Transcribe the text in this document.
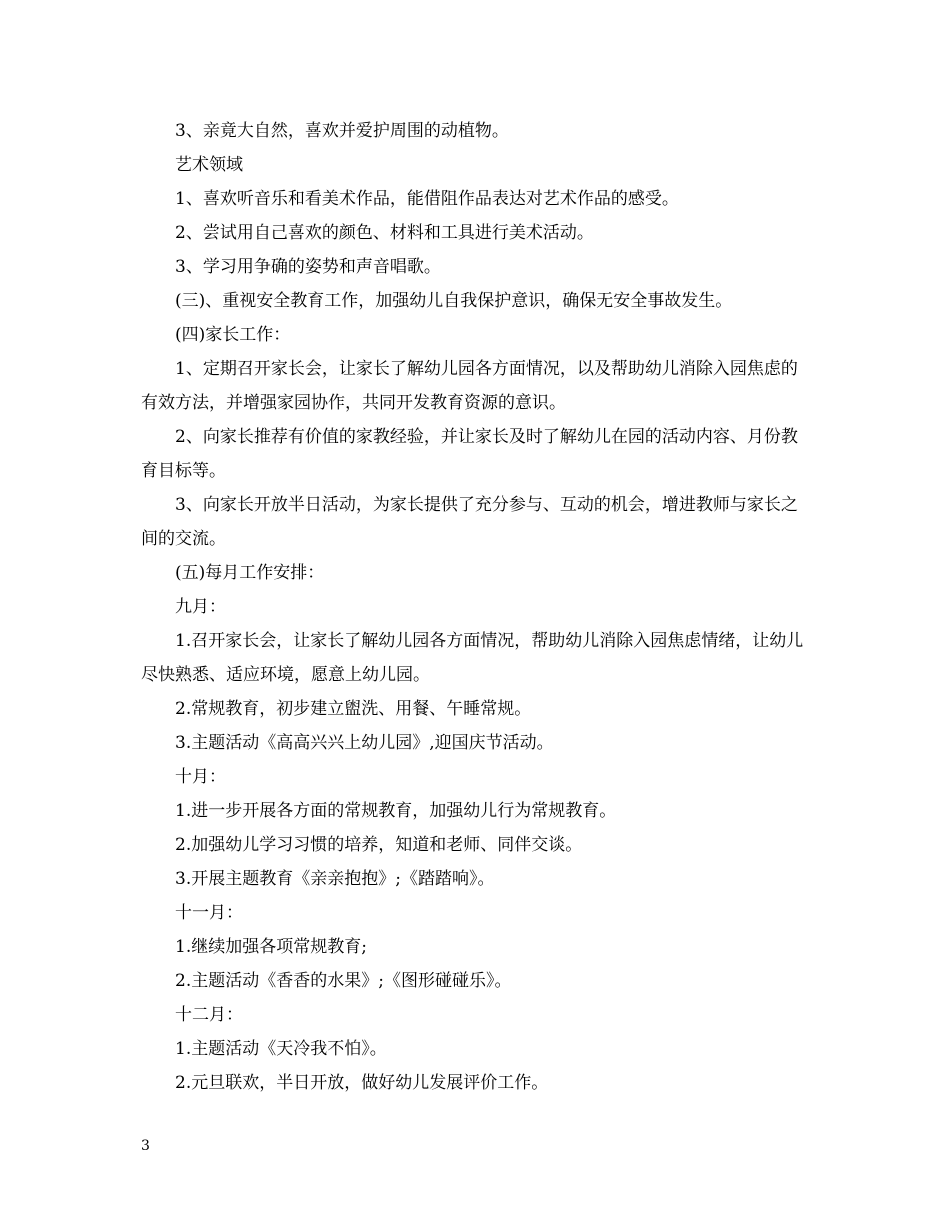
3、亲竟大自然，喜欢并爱护周围的动植物。

艺术领域

1、喜欢听音乐和看美术作品，能借阻作品表达对艺术作品的感受。

2、尝试用自己喜欢的颜色、材料和工具进行美术活动。

3、学习用争确的姿势和声音唱歌。

(三)、重视安全教育工作，加强幼儿自我保护意识，确保无安全事故发生。

(四)家长工作：

1、定期召开家长会，让家长了解幼儿园各方面情况，以及帮助幼儿消除入园焦虑的有效方法，并增强家园协作，共同开发教育资源的意识。

2、向家长推荐有价值的家教经验，并让家长及时了解幼儿在园的活动内容、月份教育目标等。

3、向家长开放半日活动，为家长提供了充分参与、互动的机会，增进教师与家长之间的交流。

(五)每月工作安排：

九月：

1.召开家长会，让家长了解幼儿园各方面情况，帮助幼儿消除入园焦虑情绪，让幼儿尽快熟悉、适应环境，愿意上幼儿园。

2.常规教育，初步建立盥洗、用餐、午睡常规。

3.主题活动《高高兴兴上幼儿园》,迎国庆节活动。

十月：

1.进一步开展各方面的常规教育，加强幼儿行为常规教育。

2.加强幼儿学习习惯的培养，知道和老师、同伴交谈。

3.开展主题教育《亲亲抱抱》;《踏踏响》。

十一月：

1.继续加强各项常规教育;

2.主题活动《香香的水果》;《图形碰碰乐》。

十二月：

1.主题活动《天冷我不怕》。

2.元旦联欢，半日开放，做好幼儿发展评价工作。

3
